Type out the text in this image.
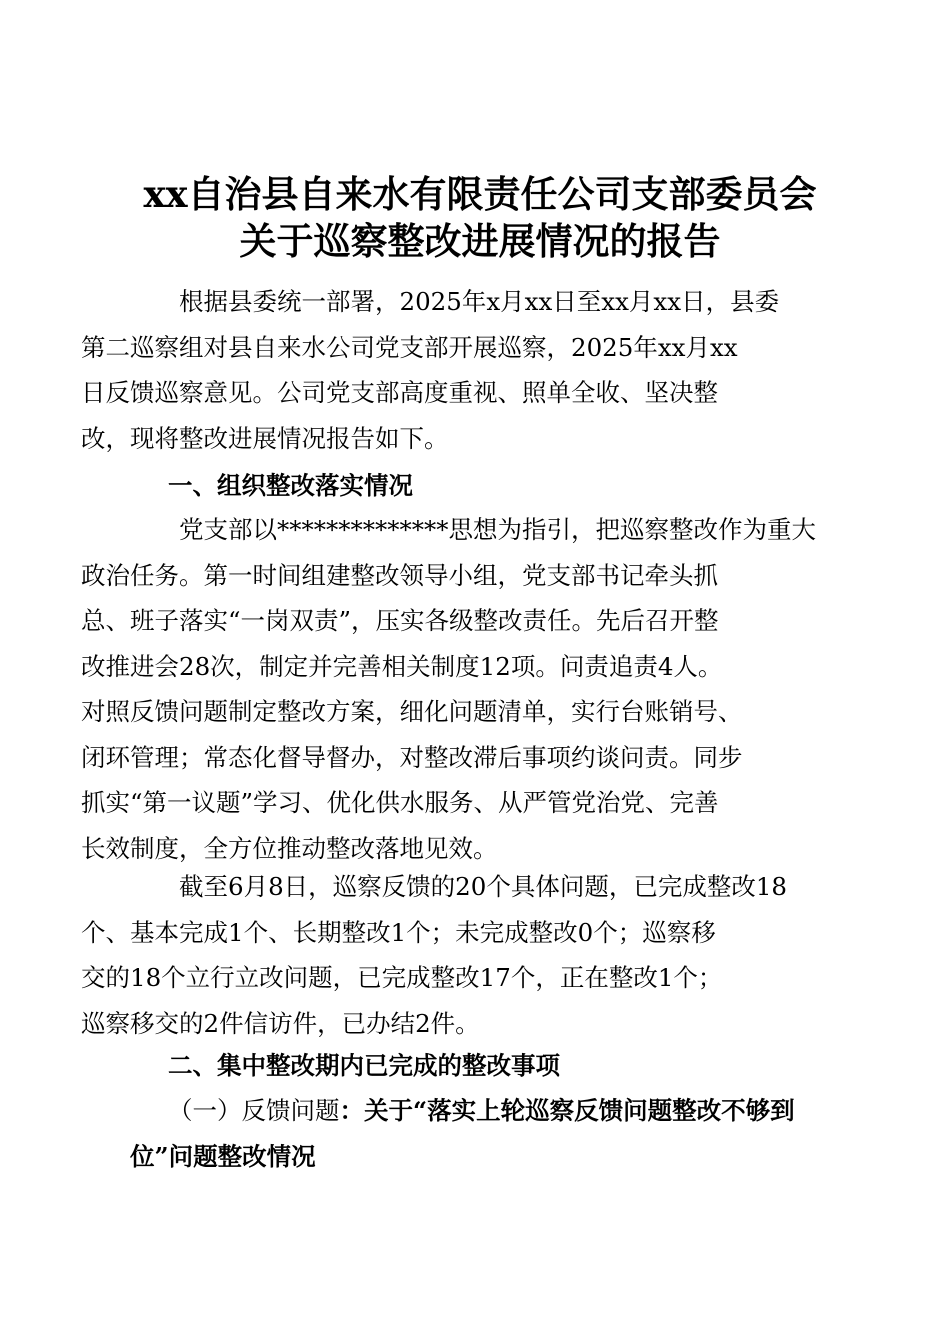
xx自治县自来水有限责任公司支部委员会
关于巡察整改进展情况的报告

根据县委统一部署，2025年x月xx日至xx月xx日，县委
第二巡察组对县自来水公司党支部开展巡察，2025年xx月xx
日反馈巡察意见。公司党支部高度重视、照单全收、坚决整
改，现将整改进展情况报告如下。

一、组织整改落实情况

党支部以**************思想为指引，把巡察整改作为重大
政治任务。第一时间组建整改领导小组，党支部书记牵头抓
总、班子落实“一岗双责”，压实各级整改责任。先后召开整
改推进会28次，制定并完善相关制度12项。问责追责4人。
对照反馈问题制定整改方案，细化问题清单，实行台账销号、
闭环管理；常态化督导督办，对整改滞后事项约谈问责。同步
抓实“第一议题”学习、优化供水服务、从严管党治党、完善
长效制度，全方位推动整改落地见效。

截至6月8日，巡察反馈的20个具体问题，已完成整改18
个、基本完成1个、长期整改1个；未完成整改0个；巡察移
交的18个立行立改问题，已完成整改17个，正在整改1个；
巡察移交的2件信访件，已办结2件。

二、集中整改期内已完成的整改事项

（一）反馈问题：关于“落实上轮巡察反馈问题整改不够到
位”问题整改情况
